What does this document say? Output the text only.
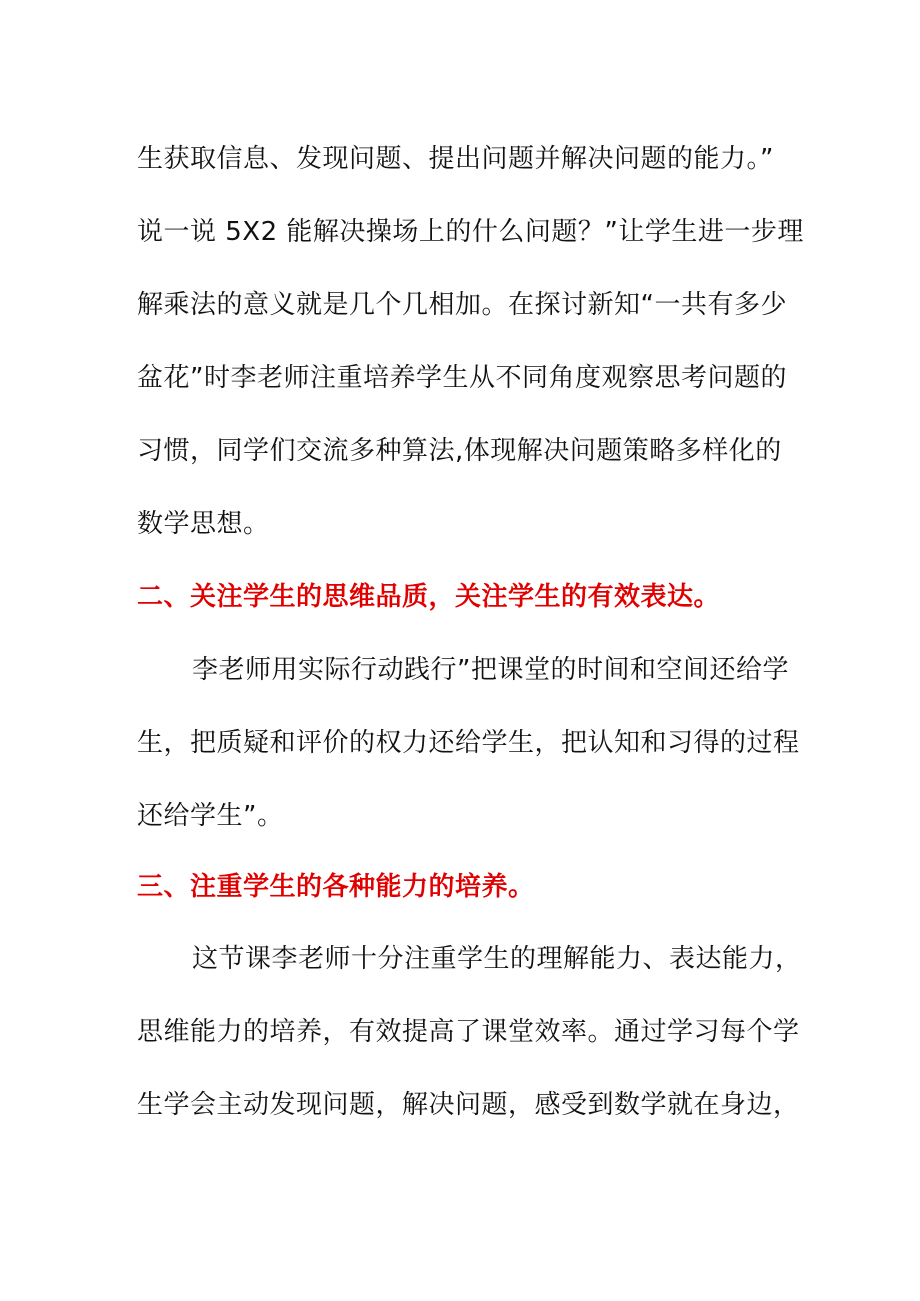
生获取信息、发现问题、提出问题并解决问题的能力。”
说一说 5X2 能解决操场上的什么问题？”让学生进一步理
解乘法的意义就是几个几相加。在探讨新知“一共有多少
盆花”时李老师注重培养学生从不同角度观察思考问题的
习惯，同学们交流多种算法,体现解决问题策略多样化的
数学思想。
二、关注学生的思维品质，关注学生的有效表达。
李老师用实际行动践行”把课堂的时间和空间还给学
生，把质疑和评价的权力还给学生，把认知和习得的过程
还给学生”。
三、注重学生的各种能力的培养。
这节课李老师十分注重学生的理解能力、表达能力，
思维能力的培养，有效提高了课堂效率。通过学习每个学
生学会主动发现问题，解决问题，感受到数学就在身边，
